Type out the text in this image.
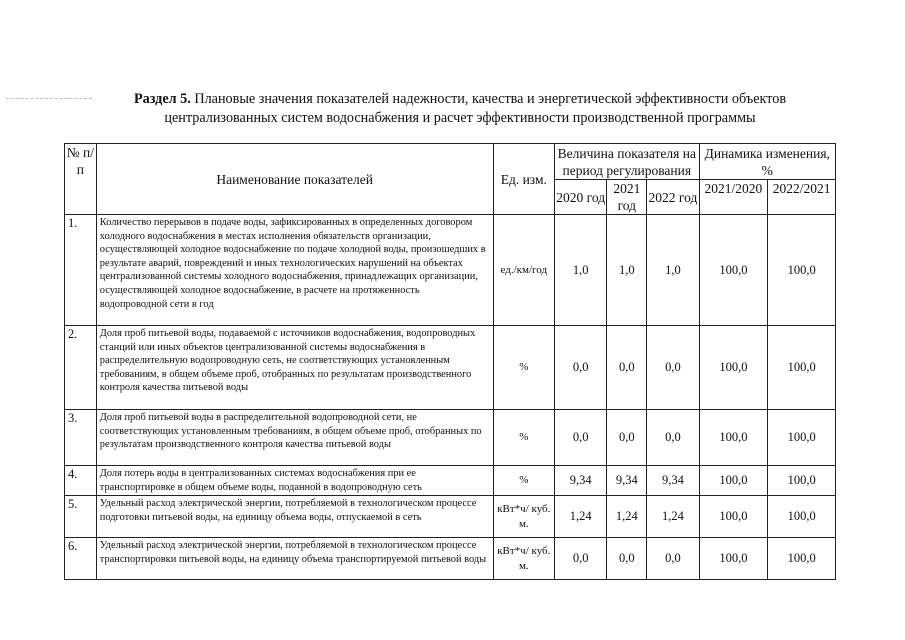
Раздел 5. Плановые значения показателей надежности, качества и энергетической эффективности объектов централизованных систем водоснабжения и расчет эффективности производственной программы
№ п/п	Наименование показателей	Ед. изм.	Величина показателя на период регулирования			Динамика изменения, %	
			2020 год	2021 год	2022 год	2021/2020	2022/2021
1.	Количество перерывов в подаче воды, зафиксированных в определенных договором холодного водоснабжения в местах исполнения обязательств организации, осуществляющей холодное водоснабжение по подаче холодной воды, произошедших в результате аварий, повреждений и иных технологических нарушений на объектах централизованной системы холодного водоснабжения, принадлежащих организации, осуществляющей холодное водоснабжение, в расчете на протяженность водопроводной сети в год	ед./км/год	1,0	1,0	1,0	100,0	100,0
2.	Доля проб питьевой воды, подаваемой с источников водоснабжения, водопроводных станций или иных объектов централизованной системы водоснабжения в распределительную водопроводную сеть, не соответствующих установленным требованиям, в общем объеме проб, отобранных по результатам производственного контроля качества питьевой воды	%	0,0	0,0	0,0	100,0	100,0
3.	Доля проб питьевой воды в распределительной водопроводной сети, не соответствующих установленным требованиям, в общем объеме проб, отобранных по результатам производственного контроля качества питьевой воды	%	0,0	0,0	0,0	100,0	100,0
4.	Доля потерь воды в централизованных системах водоснабжения при ее транспортировке в общем объеме воды, поданной в водопроводную сеть	%	9,34	9,34	9,34	100,0	100,0
5.	Удельный расход электрической энергии, потребляемой в технологическом процессе подготовки питьевой воды, на единицу объема воды, отпускаемой в сеть	кВт*ч/ куб. м.	1,24	1,24	1,24	100,0	100,0
6.	Удельный расход электрической энергии, потребляемой в технологическом процессе транспортировки питьевой воды, на единицу объема транспортируемой питьевой воды	кВт*ч/ куб. м.	0,0	0,0	0,0	100,0	100,0
